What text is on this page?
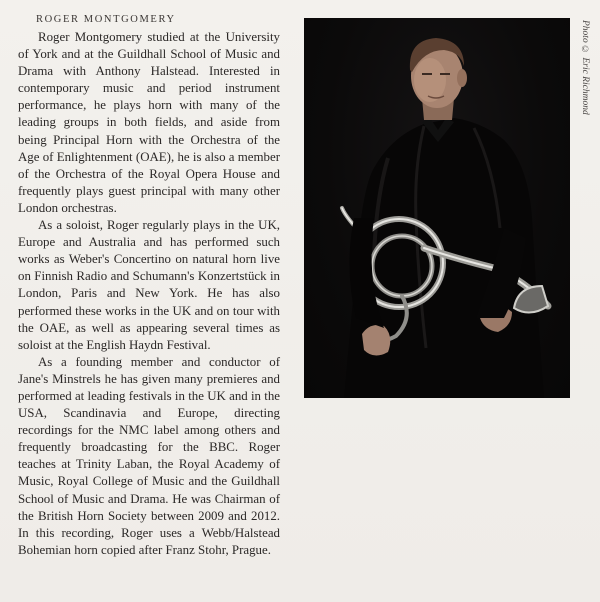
ROGER MONTGOMERY

Roger Montgomery studied at the University of York and at the Guildhall School of Music and Drama with Anthony Halstead. Interested in contemporary music and period instrument performance, he plays horn with many of the leading groups in both fields, and aside from being Principal Horn with the Orchestra of the Age of Enlightenment (OAE), he is also a member of the Orchestra of the Royal Opera House and frequently plays guest principal with many other London orchestras.

As a soloist, Roger regularly plays in the UK, Europe and Australia and has performed such works as Weber's Concertino on natural horn live on Finnish Radio and Schumann's Konzertstück in London, Paris and New York. He has also performed these works in the UK and on tour with the OAE, as well as appearing several times as soloist at the English Haydn Festival.

As a founding member and conductor of Jane's Minstrels he has given many premieres and performed at leading festivals in the UK and in the USA, Scandinavia and Europe, directing recordings for the NMC label among others and frequently broadcasting for the BBC. Roger teaches at Trinity Laban, the Royal Academy of Music, Royal College of Music and the Guildhall School of Music and Drama. He was Chairman of the British Horn Society between 2009 and 2012. In this recording, Roger uses a Webb/Halstead Bohemian horn copied after Franz Stohr, Prague.

Photo © Eric Richmond
